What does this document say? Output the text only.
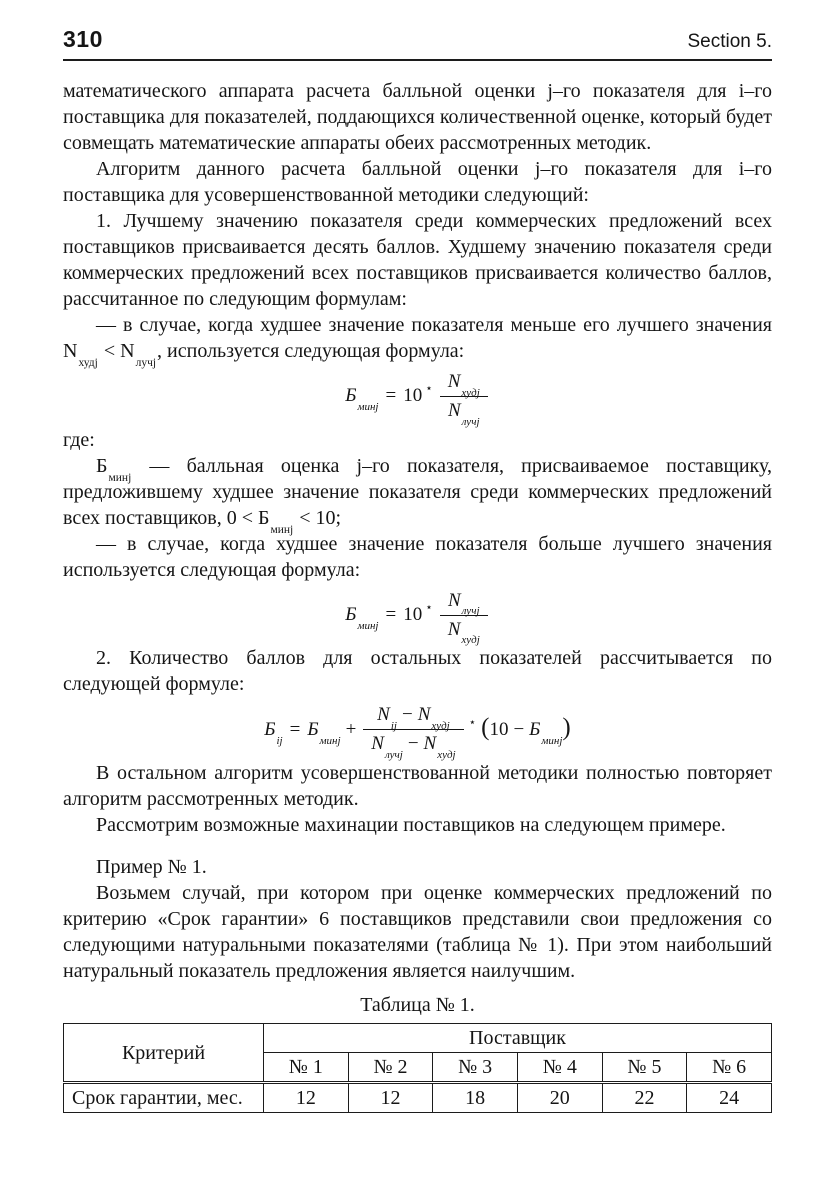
310	Section 5.

математического аппарата расчета балльной оценки j–го показателя для i–го поставщика для показателей, поддающихся количественной оценке, который будет совмещать математические аппараты обеих рассмотренных методик.

Алгоритм данного расчета балльной оценки j–го показателя для i–го поставщика для усовершенствованной методики следующий:

1. Лучшему значению показателя среди коммерческих предложений всех поставщиков присваивается десять баллов. Худшему значению показателя среди коммерческих предложений всех поставщиков присваивается количество баллов, рассчитанное по следующим формулам:

— в случае, когда худшее значение показателя меньше его лучшего значения $N_{худj} < N_{лучj}$, используется следующая формула:

$Б_{минj}$
= 10 ⋆ $\frac{N_{худj}}{N_{лучj}}$

где:

$Б_{минj}$ — балльная оценка j–го показателя, присваиваемое поставщику, предложившему худшее значение показателя среди коммерческих предложений всех поставщиков, $0 < Б_{минj} < 10$;

— в случае, когда худшее значение показателя больше лучшего значения используется следующая формула:

$Б_{минj}$
= 10 ⋆ $\frac{N_{лучj}}{N_{худj}}$

2. Количество баллов для остальных показателей рассчитывается по следующей формуле:

$Б_{ij}$
= $Б_{минj}$
+ $\frac{N_{ij}- N_{худj}}{N_{лучj}- N_{худj}}$ ⋆ ( $10 - Б_{минj}$ )

В остальном алгоритм усовершенствованной методики полностью повторяет алгоритм рассмотренных методик.

Рассмотрим возможные махинации поставщиков на следующем примере.

Пример № 1.

Возьмем случай, при котором при оценке коммерческих предложений по критерию «Срок гарантии» 6 поставщиков представили свои предложения со следующими натуральными показателями (таблица № 1). При этом наибольший натуральный показатель предложения является наилучшим.

Таблица № 1.

Критерий	Поставщик					
	№ 1	№ 2	№ 3	№ 4	№ 5	№ 6
Срок гарантии, мес.	12	12	18	20	22	24
